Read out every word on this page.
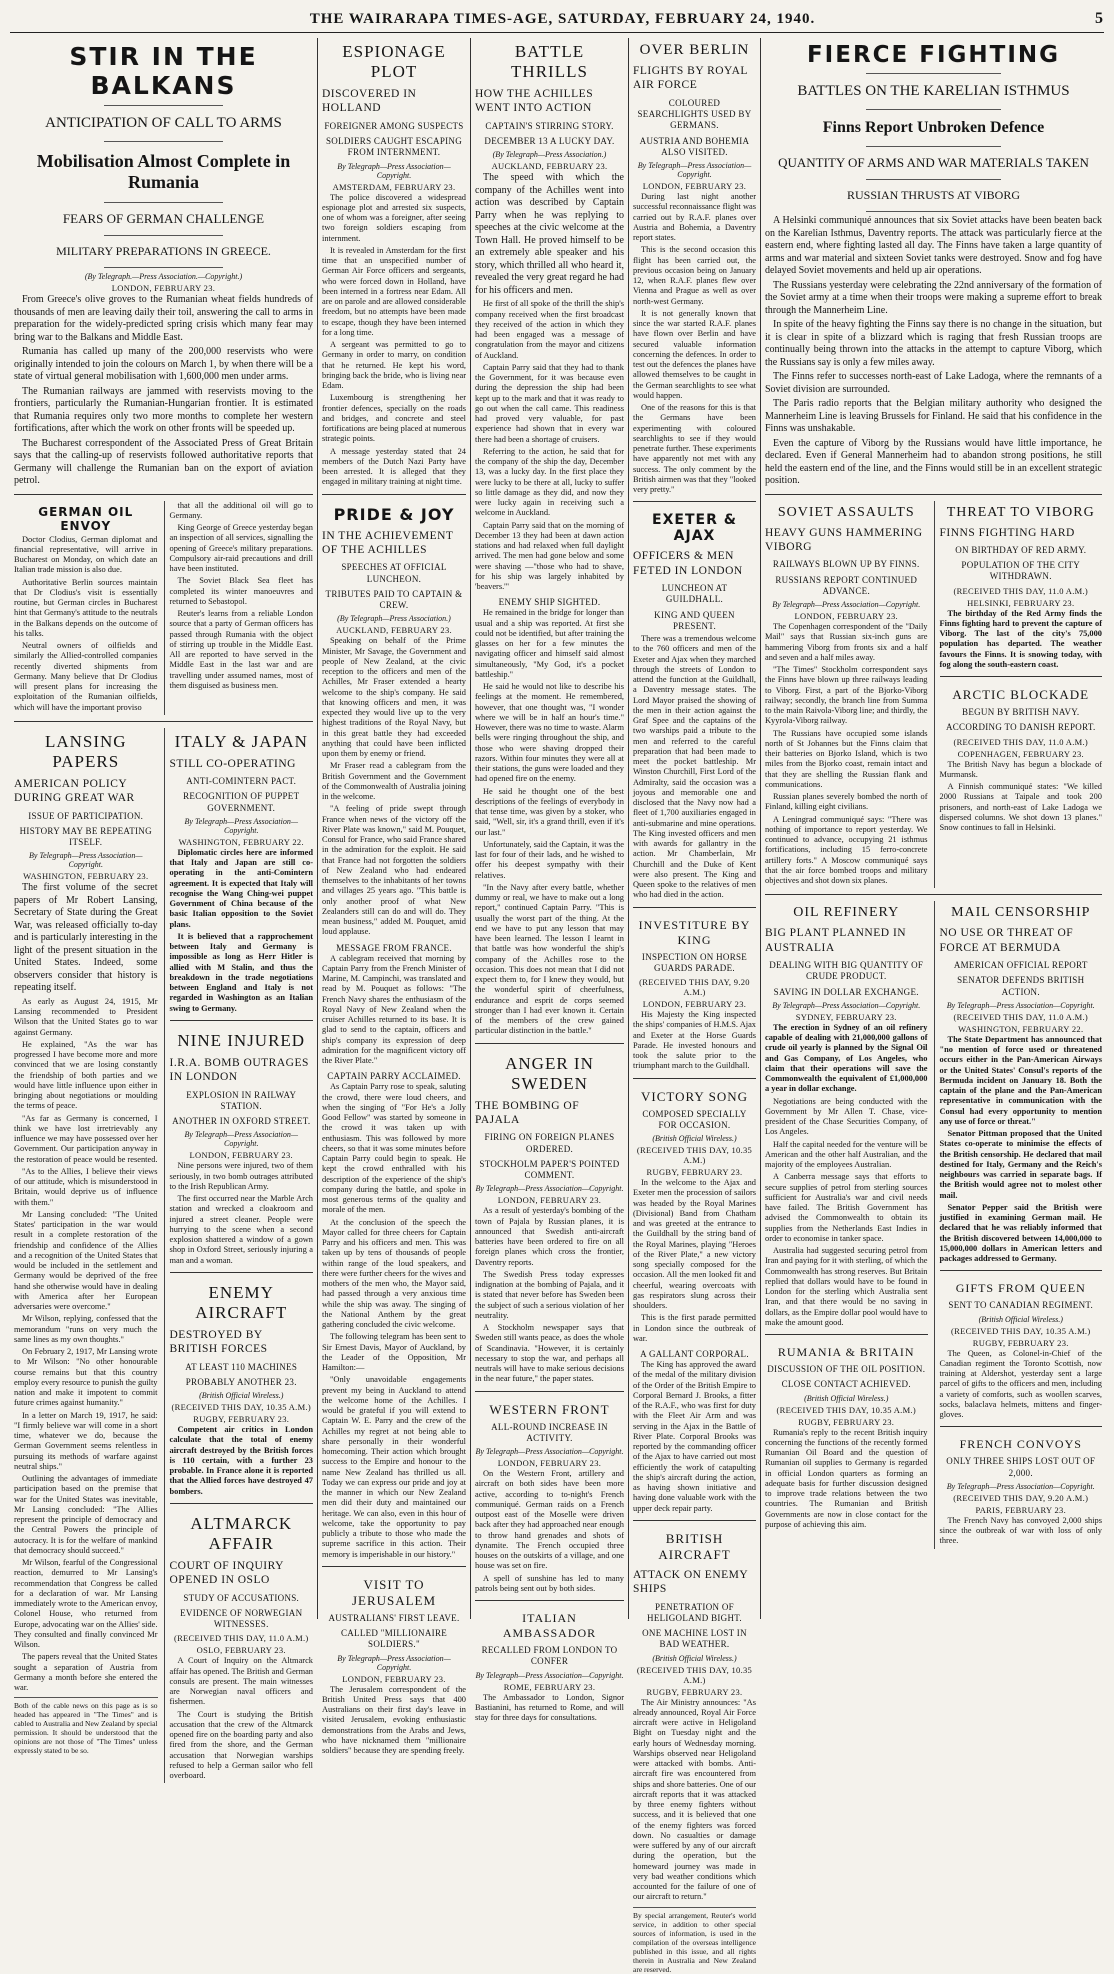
THE WAIRARAPA TIMES-AGE, SATURDAY, FEBRUARY 24, 1940.	5
STIR IN THE BALKANS
ANTICIPATION OF CALL TO ARMS
Mobilisation Almost Complete in Rumania
FEARS OF GERMAN CHALLENGE
MILITARY PREPARATIONS IN GREECE.
(By Telegraph.—Press Association.—Copyright.)
LONDON, FEBRUARY 23.

From Greece's olive groves to the Rumanian wheat fields hundreds of thousands of men are leaving daily their toil, answering the call to arms in preparation for the widely-predicted spring crisis which many fear may bring war to the Balkans and Middle East.

Rumania has called up many of the 200,000 reservists who were originally intended to join the colours on March 1, by when there will be a state of virtual general mobilisation with 1,600,000 men under arms.

The Rumanian railways are jammed with reservists moving to the frontiers, particularly the Rumanian-Hungarian frontier. It is estimated that Rumania requires only two more months to complete her western fortifications, after which the work on other fronts will be speeded up.

The Bucharest correspondent of the Associated Press of Great Britain says that the calling-up of reservists followed authoritative reports that Germany will challenge the Rumanian ban on the export of aviation petrol.

GERMAN OIL ENVOY

Doctor Clodius, German diplomat and financial representative, will arrive in Bucharest on Monday, on which date an Italian trade mission is also due.

Authoritative Berlin sources maintain that Dr Clodius's visit is essentially routine, but German circles in Bucharest hint that Germany's attitude to the neutrals in the Balkans depends on the outcome of his talks.

Neutral owners of oilfields and similarly the Allied-controlled companies recently diverted shipments from Germany. Many believe that Dr Clodius will present plans for increasing the exploitation of the Rumanian oilfields, which will have the important proviso

that all the additional oil will go to Germany.

King George of Greece yesterday began an inspection of all services, signalling the opening of Greece's military preparations. Compulsory air-raid precautions and drill have been instituted.

The Soviet Black Sea fleet has completed its winter manoeuvres and returned to Sebastopol.

Reuter's learns from a reliable London source that a party of German officers has passed through Rumania with the object of stirring up trouble in the Middle East. All are reported to have served in the Middle East in the last war and are travelling under assumed names, most of them disguised as business men.

LANSING PAPERS
AMERICAN POLICY DURING GREAT WAR
ISSUE OF PARTICIPATION.
HISTORY MAY BE REPEATING ITSELF.
By Telegraph—Press Association—Copyright.
WASHINGTON, FEBRUARY 23.

The first volume of the secret papers of Mr Robert Lansing, Secretary of State during the Great War, was released officially to-day and is particularly interesting in the light of the present situation in the United States. Indeed, some observers consider that history is repeating itself.

As early as August 24, 1915, Mr Lansing recommended to President Wilson that the United States go to war against Germany.

He explained, "As the war has progressed I have become more and more convinced that we are losing constantly the friendship of both parties and we would have little influence upon either in bringing about negotiations or moulding the terms of peace.

"As far as Germany is concerned, I think we have lost irretrievably any influence we may have possessed over her Government. Our participation anyway in the restoration of peace would be resented.

"As to the Allies, I believe their views of our attitude, which is misunderstood in Britain, would deprive us of influence with them."

Mr Lansing concluded: "The United States' participation in the war would result in a complete restoration of the friendship and confidence of the Allies and a recognition of the United States that would be included in the settlement and Germany would be deprived of the free hand she otherwise would have in dealing with America after her European adversaries were overcome."

Mr Wilson, replying, confessed that the memorandum "runs on very much the same lines as my own thoughts."

On February 2, 1917, Mr Lansing wrote to Mr Wilson: "No other honourable course remains but that this country employ every resource to punish the guilty nation and make it impotent to commit future crimes against humanity."

In a letter on March 19, 1917, he said: "I firmly believe war will come in a short time, whatever we do, because the German Government seems relentless in pursuing its methods of warfare against neutral ships."

Outlining the advantages of immediate participation based on the premise that war for the United States was inevitable, Mr Lansing concluded: "The Allies represent the principle of democracy and the Central Powers the principle of autocracy. It is for the welfare of mankind that democracy should succeed."

Mr Wilson, fearful of the Congressional reaction, demurred to Mr Lansing's recommendation that Congress be called for a declaration of war. Mr Lansing immediately wrote to the American envoy, Colonel House, who returned from Europe, advocating war on the Allies' side. They consulted and finally convinced Mr Wilson.

The papers reveal that the United States sought a separation of Austria from Germany a month before she entered the war.

Both of the cable news on this page as is so headed has appeared in "The Times" and is cabled to Australia and New Zealand by special permission. It should be understood that the opinions are not those of "The Times" unless expressly stated to be so.
ITALY & JAPAN
STILL CO-OPERATING
ANTI-COMINTERN PACT.
RECOGNITION OF PUPPET GOVERNMENT.
By Telegraph—Press Association—Copyright.
WASHINGTON, FEBRUARY 22.

Diplomatic circles here are informed that Italy and Japan are still co-operating in the anti-Comintern agreement. It is expected that Italy will recognise the Wang Ching-wei puppet Government of China because of the basic Italian opposition to the Soviet plans.

It is believed that a rapprochement between Italy and Germany is impossible as long as Herr Hitler is allied with M Stalin, and thus the breakdown in the trade negotiations between England and Italy is not regarded in Washington as an Italian swing to Germany.

NINE INJURED
I.R.A. BOMB OUTRAGES IN LONDON
EXPLOSION IN RAILWAY STATION.
ANOTHER IN OXFORD STREET.
By Telegraph—Press Association—Copyright.
LONDON, FEBRUARY 23.

Nine persons were injured, two of them seriously, in two bomb outrages attributed to the Irish Republican Army.

The first occurred near the Marble Arch station and wrecked a cloakroom and injured a street cleaner. People were hurrying to the scene when a second explosion shattered a window of a gown shop in Oxford Street, seriously injuring a man and a woman.

ENEMY AIRCRAFT
DESTROYED BY BRITISH FORCES
AT LEAST 110 MACHINES
PROBABLY ANOTHER 23.
(British Official Wireless.)
(RECEIVED THIS DAY, 10.35 A.M.)
RUGBY, FEBRUARY 23.

Competent air critics in London calculate that the total of enemy aircraft destroyed by the British forces is 110 certain, with a further 23 probable. In France alone it is reported that the Allied forces have destroyed 47 bombers.

ALTMARCK AFFAIR
COURT OF INQUIRY OPENED IN OSLO
STUDY OF ACCUSATIONS.
EVIDENCE OF NORWEGIAN WITNESSES.
(RECEIVED THIS DAY, 11.0 A.M.)
OSLO, FEBRUARY 23.

A Court of Inquiry on the Altmarck affair has opened. The British and German consuls are present. The main witnesses are Norwegian naval officers and fishermen.

The Court is studying the British accusation that the crew of the Altmarck opened fire on the boarding party and also fired from the shore, and the German accusation that Norwegian warships refused to help a German sailor who fell overboard.

ESPIONAGE PLOT
DISCOVERED IN HOLLAND
FOREIGNER AMONG SUSPECTS
SOLDIERS CAUGHT ESCAPING FROM INTERNMENT.
By Telegraph—Press Association—Copyright.
AMSTERDAM, FEBRUARY 23.

The police discovered a widespread espionage plot and arrested six suspects, one of whom was a foreigner, after seeing two foreign soldiers escaping from internment.

It is revealed in Amsterdam for the first time that an unspecified number of German Air Force officers and sergeants, who were forced down in Holland, have been interned in a fortress near Edam. All are on parole and are allowed considerable freedom, but no attempts have been made to escape, though they have been interned for a long time.

A sergeant was permitted to go to Germany in order to marry, on condition that he returned. He kept his word, bringing back the bride, who is living near Edam.

Luxembourg is strengthening her frontier defences, specially on the roads and bridges, and concrete and steel fortifications are being placed at numerous strategic points.

A message yesterday stated that 24 members of the Dutch Nazi Party have been arrested. It is alleged that they engaged in military training at night time.

PRIDE & JOY
IN THE ACHIEVEMENT OF THE ACHILLES
SPEECHES AT OFFICIAL LUNCHEON.
TRIBUTES PAID TO CAPTAIN & CREW.
(By Telegraph—Press Association.)
AUCKLAND, FEBRUARY 23.

Speaking on behalf of the Prime Minister, Mr Savage, the Government and people of New Zealand, at the civic reception to the officers and men of the Achilles, Mr Fraser extended a hearty welcome to the ship's company. He said that knowing officers and men, it was expected they would live up to the very highest traditions of the Royal Navy, but in this great battle they had exceeded anything that could have been inflicted upon them by enemy or friend.

Mr Fraser read a cablegram from the British Government and the Government of the Commonwealth of Australia joining in the welcome.

"A feeling of pride swept through France when news of the victory off the River Plate was known," said M. Pouquet, Consul for France, who said France shared in the admiration for the exploit. He said that France had not forgotten the soldiers of New Zealand who had endeared themselves to the inhabitants of her towns and villages 25 years ago. "This battle is only another proof of what New Zealanders still can do and will do. They mean business," added M. Pouquet, amid loud applause.

MESSAGE FROM FRANCE.

A cablegram received that morning by Captain Parry from the French Minister of Marine, M. Campinchi, was translated and read by M. Pouquet as follows: "The French Navy shares the enthusiasm of the Royal Navy of New Zealand when the cruiser Achilles returned to its base. It is glad to send to the captain, officers and ship's company its expression of deep admiration for the magnificent victory off the River Plate."

CAPTAIN PARRY ACCLAIMED.

As Captain Parry rose to speak, saluting the crowd, there were loud cheers, and when the singing of "For He's a Jolly Good Fellow" was started by someone in the crowd it was taken up with enthusiasm. This was followed by more cheers, so that it was some minutes before Captain Parry could begin to speak. He kept the crowd enthralled with his description of the experience of the ship's company during the battle, and spoke in most generous terms of the quality and morale of the men.

At the conclusion of the speech the Mayor called for three cheers for Captain Parry and his officers and men. This was taken up by tens of thousands of people within range of the loud speakers, and there were further cheers for the wives and mothers of the men who, the Mayor said, had passed through a very anxious time while the ship was away. The singing of the National Anthem by the great gathering concluded the civic welcome.

The following telegram has been sent to Sir Ernest Davis, Mayor of Auckland, by the Leader of the Opposition, Mr Hamilton:—

"Only unavoidable engagements prevent my being in Auckland to attend the welcome home of the Achilles. I would be grateful if you will extend to Captain W. E. Parry and the crew of the Achilles my regret at not being able to share personally in their wonderful homecoming. Their action which brought success to the Empire and honour to the name New Zealand has thrilled us all. Today we can express our pride and joy at the manner in which our New Zealand men did their duty and maintained our heritage. We can also, even in this hour of welcome, take the opportunity to pay publicly a tribute to those who made the supreme sacrifice in this action. Their memory is imperishable in our history."

VISIT TO JERUSALEM
AUSTRALIANS' FIRST LEAVE.
CALLED "MILLIONAIRE SOLDIERS."
By Telegraph—Press Association—Copyright.
LONDON, FEBRUARY 23.

The Jerusalem correspondent of the British United Press says that 400 Australians on their first day's leave in visited Jerusalem, evoking enthusiastic demonstrations from the Arabs and Jews, who have nicknamed them "millionaire soldiers" because they are spending freely.

BATTLE THRILLS
HOW THE ACHILLES WENT INTO ACTION
CAPTAIN'S STIRRING STORY.
DECEMBER 13 A LUCKY DAY.
(By Telegraph—Press Association.)
AUCKLAND, FEBRUARY 23.

The speed with which the company of the Achilles went into action was described by Captain Parry when he was replying to speeches at the civic welcome at the Town Hall. He proved himself to be an extremely able speaker and his story, which thrilled all who heard it, revealed the very great regard he had for his officers and men.

He first of all spoke of the thrill the ship's company received when the first broadcast they received of the action in which they had been engaged was a message of congratulation from the mayor and citizens of Auckland.

Captain Parry said that they had to thank the Government, for it was because even during the depression the ship had been kept up to the mark and that it was ready to go out when the call came. This readiness had proved very valuable, for past experience had shown that in every war there had been a shortage of cruisers.

Referring to the action, he said that for the company of the ship the day, December 13, was a lucky day. In the first place they were lucky to be there at all, lucky to suffer so little damage as they did, and now they were lucky again in receiving such a welcome in Auckland.

Captain Parry said that on the morning of December 13 they had been at dawn action stations and had relaxed when full daylight arrived. The men had gone below and some were shaving —"those who had to shave, for his ship was largely inhabited by 'beavers.'"

ENEMY SHIP SIGHTED.

He remained in the bridge for longer than usual and a ship was reported. At first she could not be identified, but after training the glasses on her for a few minutes the navigating officer and himself said almost simultaneously, "My God, it's a pocket battleship."

He said he would not like to describe his feelings at the moment. He remembered, however, that one thought was, "I wonder where we will be in half an hour's time." However, there was no time to waste. Alarm bells were ringing throughout the ship, and those who were shaving dropped their razors. Within four minutes they were all at their stations, the guns were loaded and they had opened fire on the enemy.

He said he thought one of the best descriptions of the feelings of everybody in that tense time, was given by a stoker, who said, "Well, sir, it's a grand thrill, even if it's our last."

Unfortunately, said the Captain, it was the last for four of their lads, and he wished to offer his deepest sympathy with their relatives.

"In the Navy after every battle, whether dummy or real, we have to make out a long report," continued Captain Parry. "This is usually the worst part of the thing. At the end we have to put any lesson that may have been learned. The lesson I learnt in that battle was how wonderful the ship's company of the Achilles rose to the occasion. This does not mean that I did not expect them to, for I knew they would, but the wonderful spirit of cheerfulness, endurance and esprit de corps seemed stronger than I had ever known it. Certain of the members of the crew gained particular distinction in the battle."

ANGER IN SWEDEN
THE BOMBING OF PAJALA
FIRING ON FOREIGN PLANES ORDERED.
STOCKHOLM PAPER'S POINTED COMMENT.
By Telegraph—Press Association—Copyright.
LONDON, FEBRUARY 23.

As a result of yesterday's bombing of the town of Pajala by Russian planes, it is announced that Swedish anti-aircraft batteries have been ordered to fire on all foreign planes which cross the frontier, Daventry reports.

The Swedish Press today expresses indignation at the bombing of Pajala, and it is stated that never before has Sweden been the subject of such a serious violation of her neutrality.

A Stockholm newspaper says that Sweden still wants peace, as does the whole of Scandinavia. "However, it is certainly necessary to stop the war, and perhaps all neutrals will have to make serious decisions in the near future," the paper states.

WESTERN FRONT
ALL-ROUND INCREASE IN ACTIVITY.
By Telegraph—Press Association—Copyright.
LONDON, FEBRUARY 23.

On the Western Front, artillery and aircraft on both sides have been more active, according to to-night's French communiqué. German raids on a French outpost east of the Moselle were driven back after they had approached near enough to throw hand grenades and shots of dynamite. The French occupied three houses on the outskirts of a village, and one house was set on fire.

A spell of sunshine has led to many patrols being sent out by both sides.

ITALIAN AMBASSADOR
RECALLED FROM LONDON TO CONFER
By Telegraph—Press Association—Copyright.
ROME, FEBRUARY 23.

The Ambassador to London, Signor Bastianini, has returned to Rome, and will stay for three days for consultations.

OVER BERLIN
FLIGHTS BY ROYAL AIR FORCE
COLOURED SEARCHLIGHTS USED BY GERMANS.
AUSTRIA AND BOHEMIA ALSO VISITED.
By Telegraph—Press Association—Copyright.
LONDON, FEBRUARY 23.

During last night another successful reconnaissance flight was carried out by R.A.F. planes over Austria and Bohemia, a Daventry report states.

This is the second occasion this flight has been carried out, the previous occasion being on January 12, when R.A.F. planes flew over Vienna and Prague as well as over north-west Germany.

It is not generally known that since the war started R.A.F. planes have flown over Berlin and have secured valuable information concerning the defences. In order to test out the defences the planes have allowed themselves to be caught in the German searchlights to see what would happen.

One of the reasons for this is that the Germans have been experimenting with coloured searchlights to see if they would penetrate further. These experiments have apparently not met with any success. The only comment by the British airmen was that they "looked very pretty."

EXETER & AJAX
OFFICERS & MEN FETED IN LONDON
LUNCHEON AT GUILDHALL.
KING AND QUEEN PRESENT.

There was a tremendous welcome to the 760 officers and men of the Exeter and Ajax when they marched through the streets of London to attend the function at the Guildhall, a Daventry message states. The Lord Mayor praised the showing of the men in their action against the Graf Spee and the captains of the two warships paid a tribute to the men and referred to the careful preparation that had been made to meet the pocket battleship. Mr Winston Churchill, First Lord of the Admiralty, said the occasion was a joyous and memorable one and disclosed that the Navy now had a fleet of 1,700 auxiliaries engaged in anti-submarine and mine operations. The King invested officers and men with awards for gallantry in the action. Mr Chamberlain, Mr Churchill and the Duke of Kent were also present. The King and Queen spoke to the relatives of men who had died in the action.

INVESTITURE BY KING
INSPECTION ON HORSE GUARDS PARADE.
(RECEIVED THIS DAY, 9.20 A.M.)
LONDON, FEBRUARY 23.

His Majesty the King inspected the ships' companies of H.M.S. Ajax and Exeter at the Horse Guards Parade. He invested honours and took the salute prior to the triumphant march to the Guildhall.

VICTORY SONG
COMPOSED SPECIALLY FOR OCCASION.
(British Official Wireless.)
(RECEIVED THIS DAY, 10.35 A.M.)
RUGBY, FEBRUARY 23.

In the welcome to the Ajax and Exeter men the procession of sailors was headed by the Royal Marines (Divisional) Band from Chatham and was greeted at the entrance to the Guildhall by the string band of the Royal Marines, playing "Heroes of the River Plate," a new victory song specially composed for the occasion. All the men looked fit and cheerful, wearing overcoats with gas respirators slung across their shoulders.

This is the first parade permitted in London since the outbreak of war.

A GALLANT CORPORAL.

The King has approved the award of the medal of the military division of the Order of the British Empire to Corporal Bernard J. Brooks, a fitter of the R.A.F., who was first for duty with the Fleet Air Arm and was serving in the Ajax in the Battle of River Plate. Corporal Brooks was reported by the commanding officer of the Ajax to have carried out most efficiently the work of catapulting the ship's aircraft during the action, as having shown initiative and having done valuable work with the upper deck repair party.

BRITISH AIRCRAFT
ATTACK ON ENEMY SHIPS
PENETRATION OF HELIGOLAND BIGHT.
ONE MACHINE LOST IN BAD WEATHER.
(British Official Wireless.)
(RECEIVED THIS DAY, 10.35 A.M.)
RUGBY, FEBRUARY 23.

The Air Ministry announces: "As already announced, Royal Air Force aircraft were active in Heligoland Bight on Tuesday night and the early hours of Wednesday morning. Warships observed near Heligoland were attacked with bombs. Anti-aircraft fire was encountered from ships and shore batteries. One of our aircraft reports that it was attacked by three enemy fighters without success, and it is believed that one of the enemy fighters was forced down. No casualties or damage were suffered by any of our aircraft during the operation, but the homeward journey was made in very bad weather conditions which accounted for the failure of one of our aircraft to return."

By special arrangement, Reuter's world service, in addition to other special sources of information, is used in the compilation of the overseas intelligence published in this issue, and all rights therein in Australia and New Zealand are reserved.
FIERCE FIGHTING
BATTLES ON THE KARELIAN ISTHMUS
Finns Report Unbroken Defence
QUANTITY OF ARMS AND WAR MATERIALS TAKEN
RUSSIAN THRUSTS AT VIBORG

A Helsinki communiqué announces that six Soviet attacks have been beaten back on the Karelian Isthmus, Daventry reports. The attack was particularly fierce at the eastern end, where fighting lasted all day. The Finns have taken a large quantity of arms and war material and sixteen Soviet tanks were destroyed. Snow and fog have delayed Soviet movements and held up air operations.

The Russians yesterday were celebrating the 22nd anniversary of the formation of the Soviet army at a time when their troops were making a supreme effort to break through the Mannerheim Line.

In spite of the heavy fighting the Finns say there is no change in the situation, but it is clear in spite of a blizzard which is raging that fresh Russian troops are continually being thrown into the attacks in the attempt to capture Viborg, which the Russians say is only a few miles away.

The Finns refer to successes north-east of Lake Ladoga, where the remnants of a Soviet division are surrounded.

The Paris radio reports that the Belgian military authority who designed the Mannerheim Line is leaving Brussels for Finland. He said that his confidence in the Finns was unshakable.

Even the capture of Viborg by the Russians would have little importance, he declared. Even if General Mannerheim had to abandon strong positions, he still held the eastern end of the line, and the Finns would still be in an excellent strategic position.

SOVIET ASSAULTS
HEAVY GUNS HAMMERING VIBORG
RAILWAYS BLOWN UP BY FINNS.
RUSSIANS REPORT CONTINUED ADVANCE.
By Telegraph—Press Association—Copyright.
LONDON, FEBRUARY 23.

The Copenhagen correspondent of the "Daily Mail" says that Russian six-inch guns are hammering Viborg from fronts six and a half and seven and a half miles away.

"The Times" Stockholm correspondent says the Finns have blown up three railways leading to Viborg. First, a part of the Bjorko-Viborg railway; secondly, the branch line from Summa to the main Raivola-Viborg line; and thirdly, the Kyyrola-Viborg railway.

The Russians have occupied some islands north of St Johannes but the Finns claim that their batteries on Bjorko Island, which is two miles from the Bjorko coast, remain intact and that they are shelling the Russian flank and communications.

Russian planes severely bombed the north of Finland, killing eight civilians.

A Leningrad communiqué says: "There was nothing of importance to report yesterday. We continued to advance, occupying 21 isthmus fortifications, including 15 ferro-concrete artillery forts." A Moscow communiqué says that the air force bombed troops and military objectives and shot down six planes.

THREAT TO VIBORG
FINNS FIGHTING HARD
ON BIRTHDAY OF RED ARMY.
POPULATION OF THE CITY WITHDRAWN.
(RECEIVED THIS DAY, 11.0 A.M.)
HELSINKI, FEBRUARY 23.

The birthday of the Red Army finds the Finns fighting hard to prevent the capture of Viborg. The last of the city's 75,000 population has departed. The weather favours the Finns. It is snowing today, with fog along the south-eastern coast.

ARCTIC BLOCKADE
BEGUN BY BRITISH NAVY.
ACCORDING TO DANISH REPORT.
(RECEIVED THIS DAY, 11.0 A.M.)
COPENHAGEN, FEBRUARY 23.

The British Navy has begun a blockade of Murmansk.

A Finnish communiqué states: "We killed 2000 Russians at Taipale and took 200 prisoners, and north-east of Lake Ladoga we dispersed columns. We shot down 13 planes." Snow continues to fall in Helsinki.

OIL REFINERY
BIG PLANT PLANNED IN AUSTRALIA
DEALING WITH BIG QUANTITY OF CRUDE PRODUCT.
SAVING IN DOLLAR EXCHANGE.
By Telegraph—Press Association—Copyright.
SYDNEY, FEBRUARY 23.

The erection in Sydney of an oil refinery capable of dealing with 21,000,000 gallons of crude oil yearly is planned by the Signal Oil and Gas Company, of Los Angeles, who claim that their operations will save the Commonwealth the equivalent of £1,000,000 a year in dollar exchange.

Negotiations are being conducted with the Government by Mr Allen T. Chase, vice-president of the Chase Securities Company, of Los Angeles.

Half the capital needed for the venture will be American and the other half Australian, and the majority of the employees Australian.

A Canberra message says that efforts to secure supplies of petrol from sterling sources sufficient for Australia's war and civil needs have failed. The British Government has advised the Commonwealth to obtain its supplies from the Netherlands East Indies in order to economise in tanker space.

Australia had suggested securing petrol from Iran and paying for it with sterling, of which the Commonwealth has strong reserves. But Britain replied that dollars would have to be found in London for the sterling which Australia sent Iran, and that there would be no saving in dollars, as the Empire dollar pool would have to make the amount good.

RUMANIA & BRITAIN
DISCUSSION OF THE OIL POSITION.
CLOSE CONTACT ACHIEVED.
(British Official Wireless.)
(RECEIVED THIS DAY, 10.35 A.M.)
RUGBY, FEBRUARY 23.

Rumania's reply to the recent British inquiry concerning the functions of the recently formed Rumanian Oil Board and the question of Rumanian oil supplies to Germany is regarded in official London quarters as forming an adequate basis for further discussion designed to improve trade relations between the two countries. The Rumanian and British Governments are now in close contact for the purpose of achieving this aim.

MAIL CENSORSHIP
NO USE OR THREAT OF FORCE AT BERMUDA
AMERICAN OFFICIAL REPORT
SENATOR DEFENDS BRITISH ACTION.
By Telegraph—Press Association—Copyright.
(RECEIVED THIS DAY, 11.0 A.M.)
WASHINGTON, FEBRUARY 22.

The State Department has announced that "no mention of force used or threatened occurs either in the Pan-American Airways or the United States' Consul's reports of the Bermuda incident on January 18. Both the captain of the plane and the Pan-American representative in communication with the Consul had every opportunity to mention any use of force or threat."

Senator Pittman proposed that the United States co-operate to minimise the effects of the British censorship. He declared that mail destined for Italy, Germany and the Reich's neighbours was carried in separate bags. If the British would agree not to molest other mail.

Senator Pepper said the British were justified in examining German mail. He declared that he was reliably informed that the British discovered between 14,000,000 to 15,000,000 dollars in American letters and packages addressed to Germany.

GIFTS FROM QUEEN
SENT TO CANADIAN REGIMENT.
(British Official Wireless.)
(RECEIVED THIS DAY, 10.35 A.M.)
RUGBY, FEBRUARY 23.

The Queen, as Colonel-in-Chief of the Canadian regiment the Toronto Scottish, now training at Aldershot, yesterday sent a large parcel of gifts to the officers and men, including a variety of comforts, such as woollen scarves, socks, balaclava helmets, mittens and finger-gloves.

FRENCH CONVOYS
ONLY THREE SHIPS LOST OUT OF 2,000.
By Telegraph—Press Association—Copyright.
(RECEIVED THIS DAY, 9.20 A.M.)
PARIS, FEBRUARY 23.

The French Navy has convoyed 2,000 ships since the outbreak of war with loss of only three.
